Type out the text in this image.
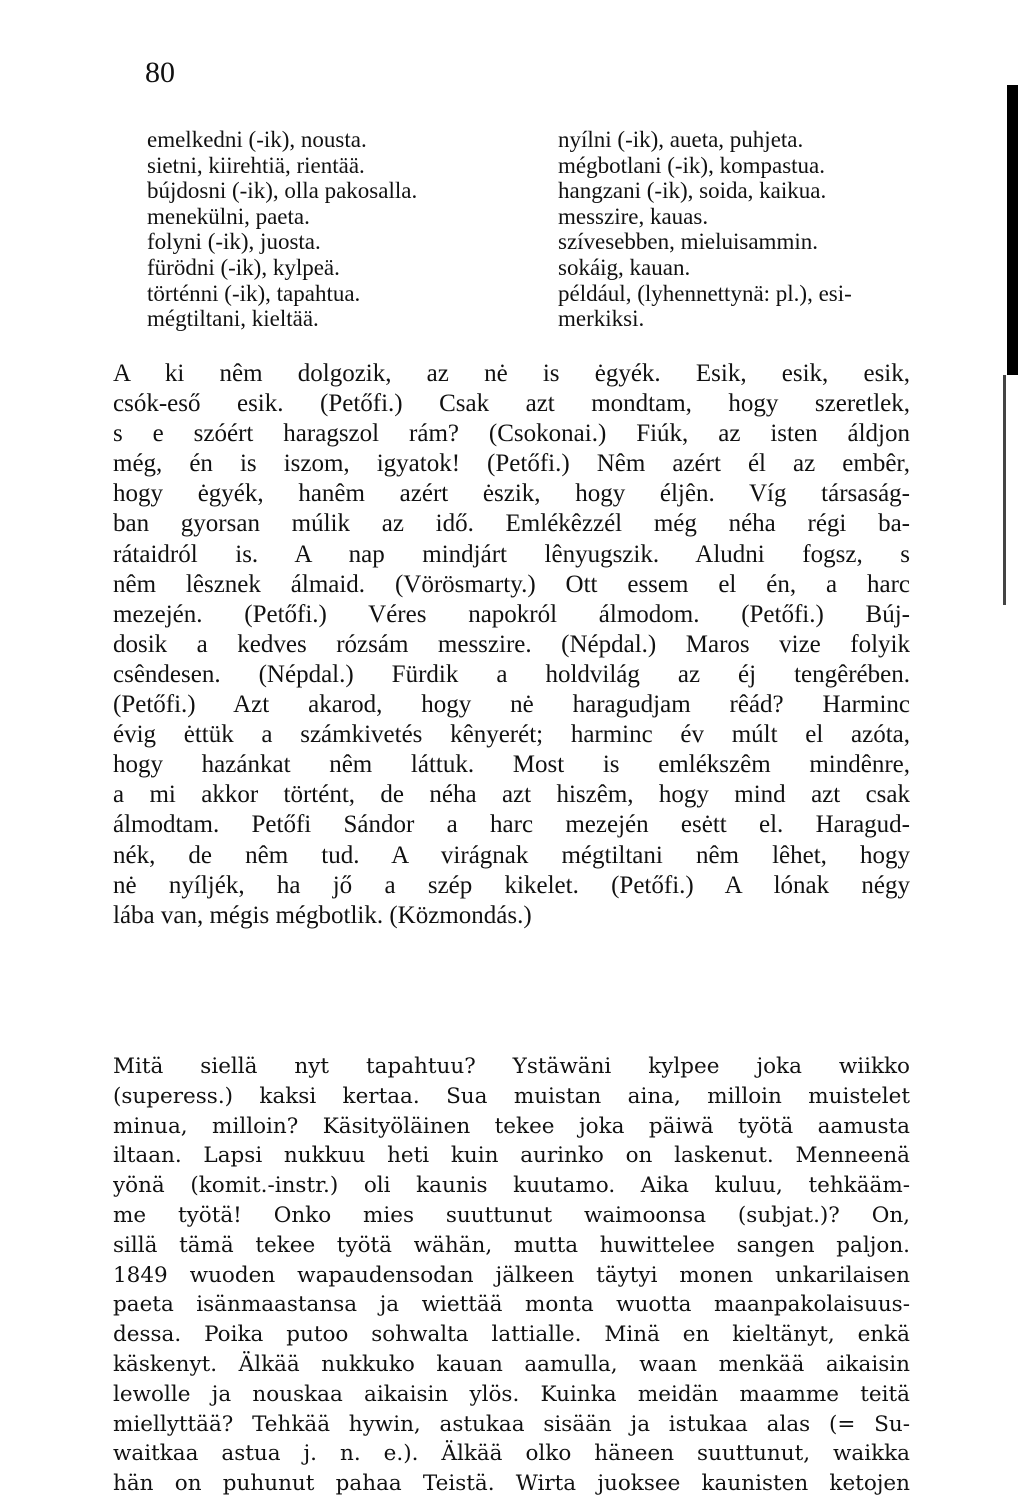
80
emelkedni (-ik), nousta.
sietni, kiirehtiä, rientää.
bújdosni (-ik), olla pakosalla.
menekülni, paeta.
folyni (-ik), juosta.
fürödni (-ik), kylpeä.
történni (-ik), tapahtua.
mégtiltani, kieltää.
nyílni (-ik), aueta, puhjeta.
mégbotlani (-ik), kompastua.
hangzani (-ik), soida, kaikua.
messzire, kauas.
szívesebben, mieluisammin.
sokáig, kauan.
például, (lyhennettynä: pl.), esi-
merkiksi.
A ki nêm dolgozik, az nė is ėgyék. Esik, esik, esik,
csók-eső esik. (Petőfi.) Csak azt mondtam, hogy szeretlek,
s e szóért haragszol rám? (Csokonai.) Fiúk, az isten áldjon
még, én is iszom, igyatok! (Petőfi.) Nêm azért él az embêr,
hogy ėgyék, hanêm azért ėszik, hogy éljên. Víg társaság-
ban gyorsan múlik az idő. Emlékêzzél még néha régi ba-
rátaidról is. A nap mindjárt lênyugszik. Aludni fogsz, s
nêm lêsznek álmaid. (Vörösmarty.) Ott essem el én, a harc
mezején. (Petőfi.) Véres napokról álmodom. (Petőfi.) Búj-
dosik a kedves rózsám messzire. (Népdal.) Maros vize folyik
csêndesen. (Népdal.) Fürdik a holdvilág az éj tengêrében.
(Petőfi.) Azt akarod, hogy nė haragudjam rêád? Harminc
évig ėttük a számkivetés kênyerét; harminc év múlt el azóta,
hogy hazánkat nêm láttuk. Most is emlékszêm mindênre,
a mi akkor történt, de néha azt hiszêm, hogy mind azt csak
álmodtam. Petőfi Sándor a harc mezején esėtt el. Haragud-
nék, de nêm tud. A virágnak mégtiltani nêm lêhet, hogy
nė nyíljék, ha jő a szép kikelet. (Petőfi.) A lónak négy
lába van, mégis mégbotlik. (Közmondás.)
Mitä siellä nyt tapahtuu? Ystäwäni kylpee joka wiikko
(superess.) kaksi kertaa. Sua muistan aina, milloin muistelet
minua, milloin? Käsityöläinen tekee joka päiwä työtä aamusta
iltaan. Lapsi nukkuu heti kuin aurinko on laskenut. Menneenä
yönä (komit.-instr.) oli kaunis kuutamo. Aika kuluu, tehkääm-
me työtä! Onko mies suuttunut waimoonsa (subjat.)? On,
sillä tämä tekee työtä wähän, mutta huwittelee sangen paljon.
1849 wuoden wapaudensodan jälkeen täytyi monen unkarilaisen
paeta isänmaastansa ja wiettää monta wuotta maanpakolaisuus-
dessa. Poika putoo sohwalta lattialle. Minä en kieltänyt, enkä
käskenyt. Älkää nukkuko kauan aamulla, waan menkää aikaisin
lewolle ja nouskaa aikaisin ylös. Kuinka meidän maamme teitä
miellyttää? Tehkää hywin, astukaa sisään ja istukaa alas (= Su-
waitkaa astua j. n. e.). Älkää olko häneen suuttunut, waikka
hän on puhunut pahaa Teistä. Wirta juoksee kaunisten ketojen
